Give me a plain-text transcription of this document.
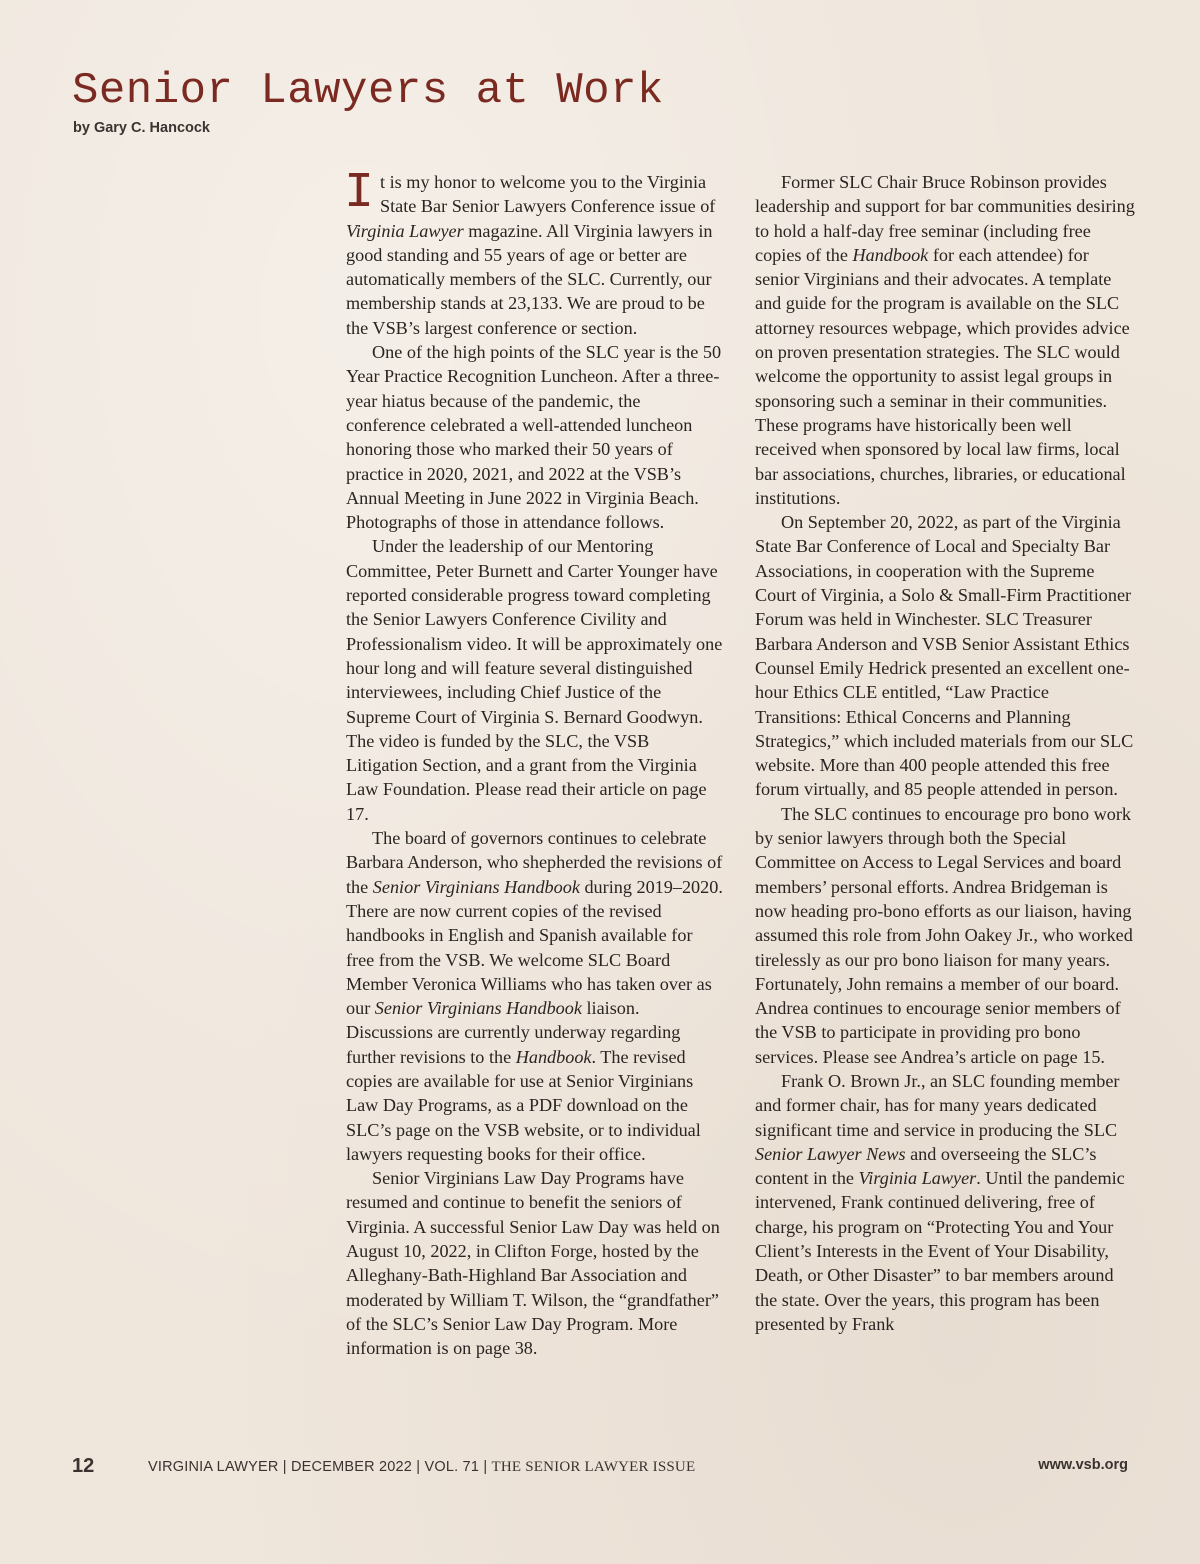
Senior Lawyers at Work

by Gary C. Hancock

It is my honor to welcome you to the Virginia State Bar Senior Lawyers Conference issue of Virginia Lawyer magazine. All Virginia lawyers in good standing and 55 years of age or better are automatically members of the SLC. Currently, our membership stands at 23,133. We are proud to be the VSB’s largest conference or section.

One of the high points of the SLC year is the 50 Year Practice Recognition Luncheon. After a three-year hiatus because of the pandemic, the conference celebrated a well-attended luncheon honoring those who marked their 50 years of practice in 2020, 2021, and 2022 at the VSB’s Annual Meeting in June 2022 in Virginia Beach. Photographs of those in attendance follows.

Under the leadership of our Mentoring Committee, Peter Burnett and Carter Younger have reported considerable progress toward completing the Senior Lawyers Conference Civility and Professionalism video. It will be approximately one hour long and will feature several distinguished interviewees, including Chief Justice of the Supreme Court of Virginia S. Bernard Goodwyn. The video is funded by the SLC, the VSB Litigation Section, and a grant from the Virginia Law Foundation. Please read their article on page 17.

The board of governors continues to celebrate Barbara Anderson, who shepherded the revisions of the Senior Virginians Handbook during 2019–2020. There are now current copies of the revised handbooks in English and Spanish available for free from the VSB. We welcome SLC Board Member Veronica Williams who has taken over as our Senior Virginians Handbook liaison. Discussions are currently underway regarding further revisions to the Handbook. The revised copies are available for use at Senior Virginians Law Day Programs, as a PDF download on the SLC’s page on the VSB website, or to individual lawyers requesting books for their office.

Senior Virginians Law Day Programs have resumed and continue to benefit the seniors of Virginia. A successful Senior Law Day was held on August 10, 2022, in Clifton Forge, hosted by the Alleghany-Bath-Highland Bar Association and moderated by William T. Wilson, the “grandfather” of the SLC’s Senior Law Day Program. More information is on page 38.

Former SLC Chair Bruce Robinson provides leadership and support for bar communities desiring to hold a half-day free seminar (including free copies of the Handbook for each attendee) for senior Virginians and their advocates. A template and guide for the program is available on the SLC attorney resources webpage, which provides advice on proven presentation strategies. The SLC would welcome the opportunity to assist legal groups in sponsoring such a seminar in their communities. These programs have historically been well received when sponsored by local law firms, local bar associations, churches, libraries, or educational institutions.

On September 20, 2022, as part of the Virginia State Bar Conference of Local and Specialty Bar Associations, in cooperation with the Supreme Court of Virginia, a Solo & Small-Firm Practitioner Forum was held in Winchester. SLC Treasurer Barbara Anderson and VSB Senior Assistant Ethics Counsel Emily Hedrick presented an excellent one-hour Ethics CLE entitled, “Law Practice Transitions: Ethical Concerns and Planning Strategics,” which included materials from our SLC website. More than 400 people attended this free forum virtually, and 85 people attended in person.

The SLC continues to encourage pro bono work by senior lawyers through both the Special Committee on Access to Legal Services and board members’ personal efforts. Andrea Bridgeman is now heading pro-bono efforts as our liaison, having assumed this role from John Oakey Jr., who worked tirelessly as our pro bono liaison for many years. Fortunately, John remains a member of our board. Andrea continues to encourage senior members of the VSB to participate in providing pro bono services. Please see Andrea’s article on page 15.

Frank O. Brown Jr., an SLC founding member and former chair, has for many years dedicated significant time and service in producing the SLC Senior Lawyer News and overseeing the SLC’s content in the Virginia Lawyer. Until the pandemic intervened, Frank continued delivering, free of charge, his program on “Protecting You and Your Client’s Interests in the Event of Your Disability, Death, or Other Disaster” to bar members around the state. Over the years, this program has been presented by Frank

12	VIRGINIA LAWYER | DECEMBER 2022 | VOL. 71 | THE SENIOR LAWYER ISSUE	www.vsb.org
